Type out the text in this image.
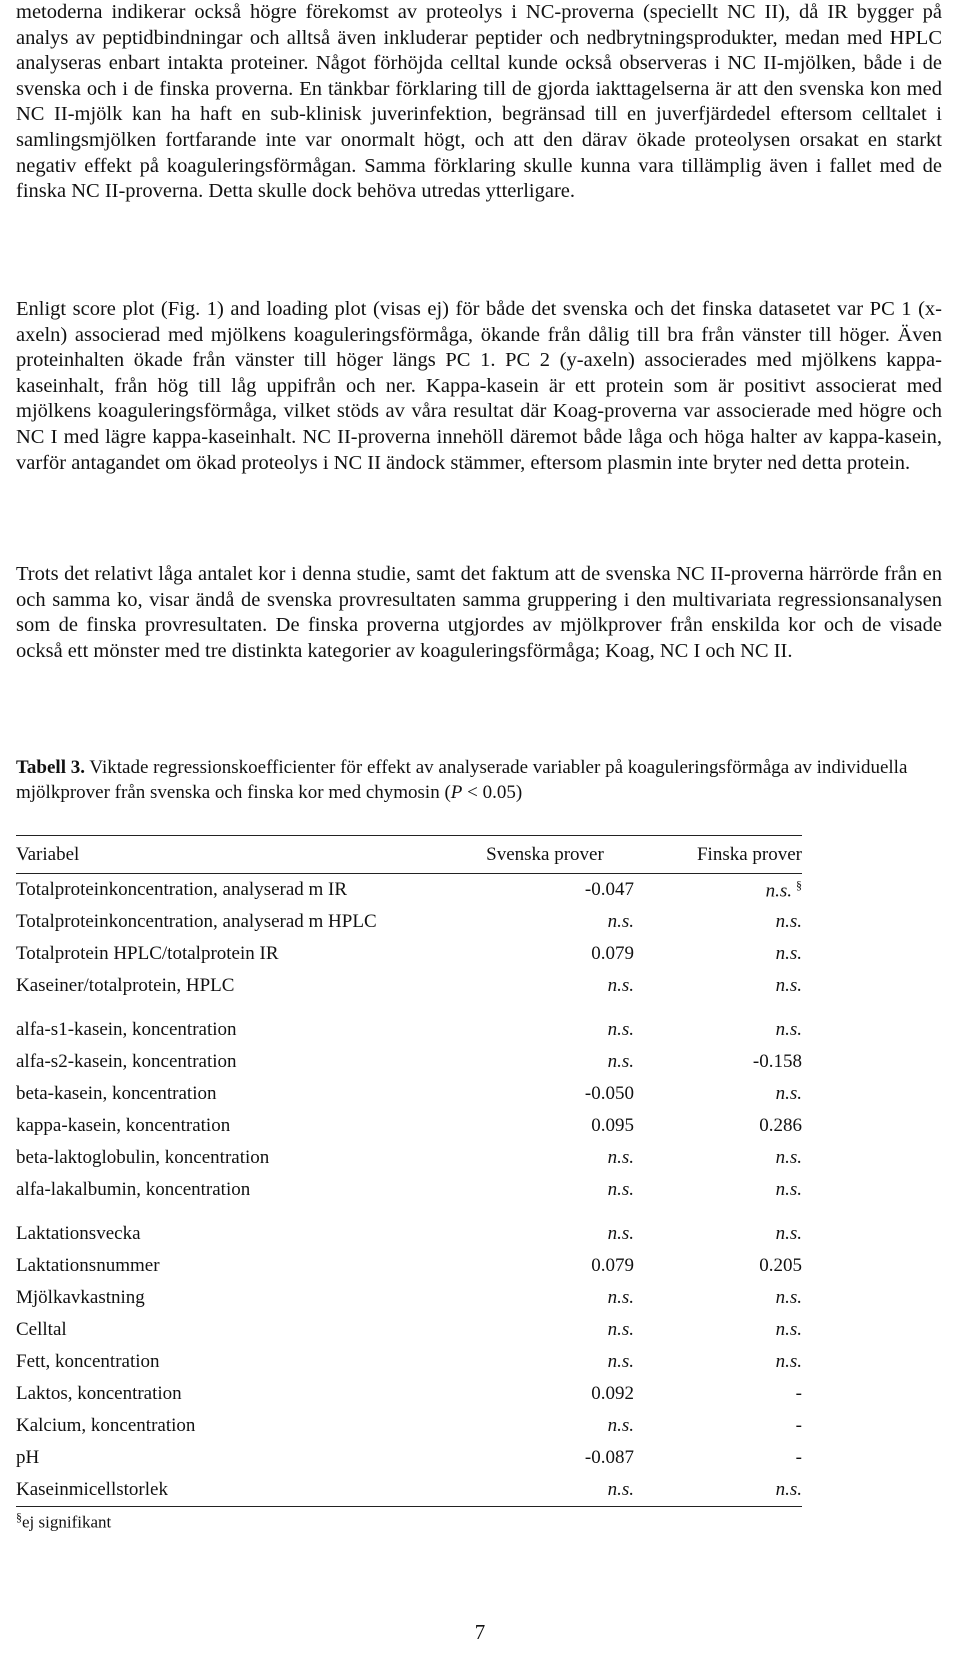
metoderna indikerar också högre förekomst av proteolys i NC-proverna (speciellt NC II), då IR bygger på analys av peptidbindningar och alltså även inkluderar peptider och nedbrytningsprodukter, medan med HPLC analyseras enbart intakta proteiner. Något förhöjda celltal kunde också observeras i NC II-mjölken, både i de svenska och i de finska proverna. En tänkbar förklaring till de gjorda iakttagelserna är att den svenska kon med NC II-mjölk kan ha haft en sub-klinisk juverinfektion, begränsad till en juverfjärdedel eftersom celltalet i samlingsmjölken fortfarande inte var onormalt högt, och att den därav ökade proteolysen orsakat en starkt negativ effekt på koaguleringsförmågan. Samma förklaring skulle kunna vara tillämplig även i fallet med de finska NC II-proverna. Detta skulle dock behöva utredas ytterligare.

Enligt score plot (Fig. 1) and loading plot (visas ej) för både det svenska och det finska datasetet var PC 1 (x-axeln) associerad med mjölkens koaguleringsförmåga, ökande från dålig till bra från vänster till höger. Även proteinhalten ökade från vänster till höger längs PC 1. PC 2 (y-axeln) associerades med mjölkens kappa-kaseinhalt, från hög till låg uppifrån och ner. Kappa-kasein är ett protein som är positivt associerat med mjölkens koaguleringsförmåga, vilket stöds av våra resultat där Koag-proverna var associerade med högre och NC I med lägre kappa-kaseinhalt. NC II-proverna innehöll däremot både låga och höga halter av kappa-kasein, varför antagandet om ökad proteolys i NC II ändock stämmer, eftersom plasmin inte bryter ned detta protein.

Trots det relativt låga antalet kor i denna studie, samt det faktum att de svenska NC II-proverna härrörde från en och samma ko, visar ändå de svenska provresultaten samma gruppering i den multivariata regressionsanalysen som de finska provresultaten. De finska proverna utgjordes av mjölkprover från enskilda kor och de visade också ett mönster med tre distinkta kategorier av koaguleringsförmåga; Koag, NC I och NC II.

Tabell 3. Viktade regressionskoefficienter för effekt av analyserade variabler på koaguleringsförmåga av individuella mjölkprover från svenska och finska kor med chymosin (P < 0.05)

Variabel	Svenska prover	Finska prover
Totalproteinkoncentration, analyserad m IR	-0.047	n.s. §
Totalproteinkoncentration, analyserad m HPLC	n.s.	n.s.
Totalprotein HPLC/totalprotein IR	0.079	n.s.
Kaseiner/totalprotein, HPLC	n.s.	n.s.
alfa-s1-kasein, koncentration	n.s.	n.s.
alfa-s2-kasein, koncentration	n.s.	-0.158
beta-kasein, koncentration	-0.050	n.s.
kappa-kasein, koncentration	0.095	0.286
beta-laktoglobulin, koncentration	n.s.	n.s.
alfa-lakalbumin, koncentration	n.s.	n.s.
Laktationsvecka	n.s.	n.s.
Laktationsnummer	0.079	0.205
Mjölkavkastning	n.s.	n.s.
Celltal	n.s.	n.s.
Fett, koncentration	n.s.	n.s.
Laktos, koncentration	0.092	-
Kalcium, koncentration	n.s.	-
pH	-0.087	-
Kaseinmicellstorlek	n.s.	n.s.

§ej signifikant

7
